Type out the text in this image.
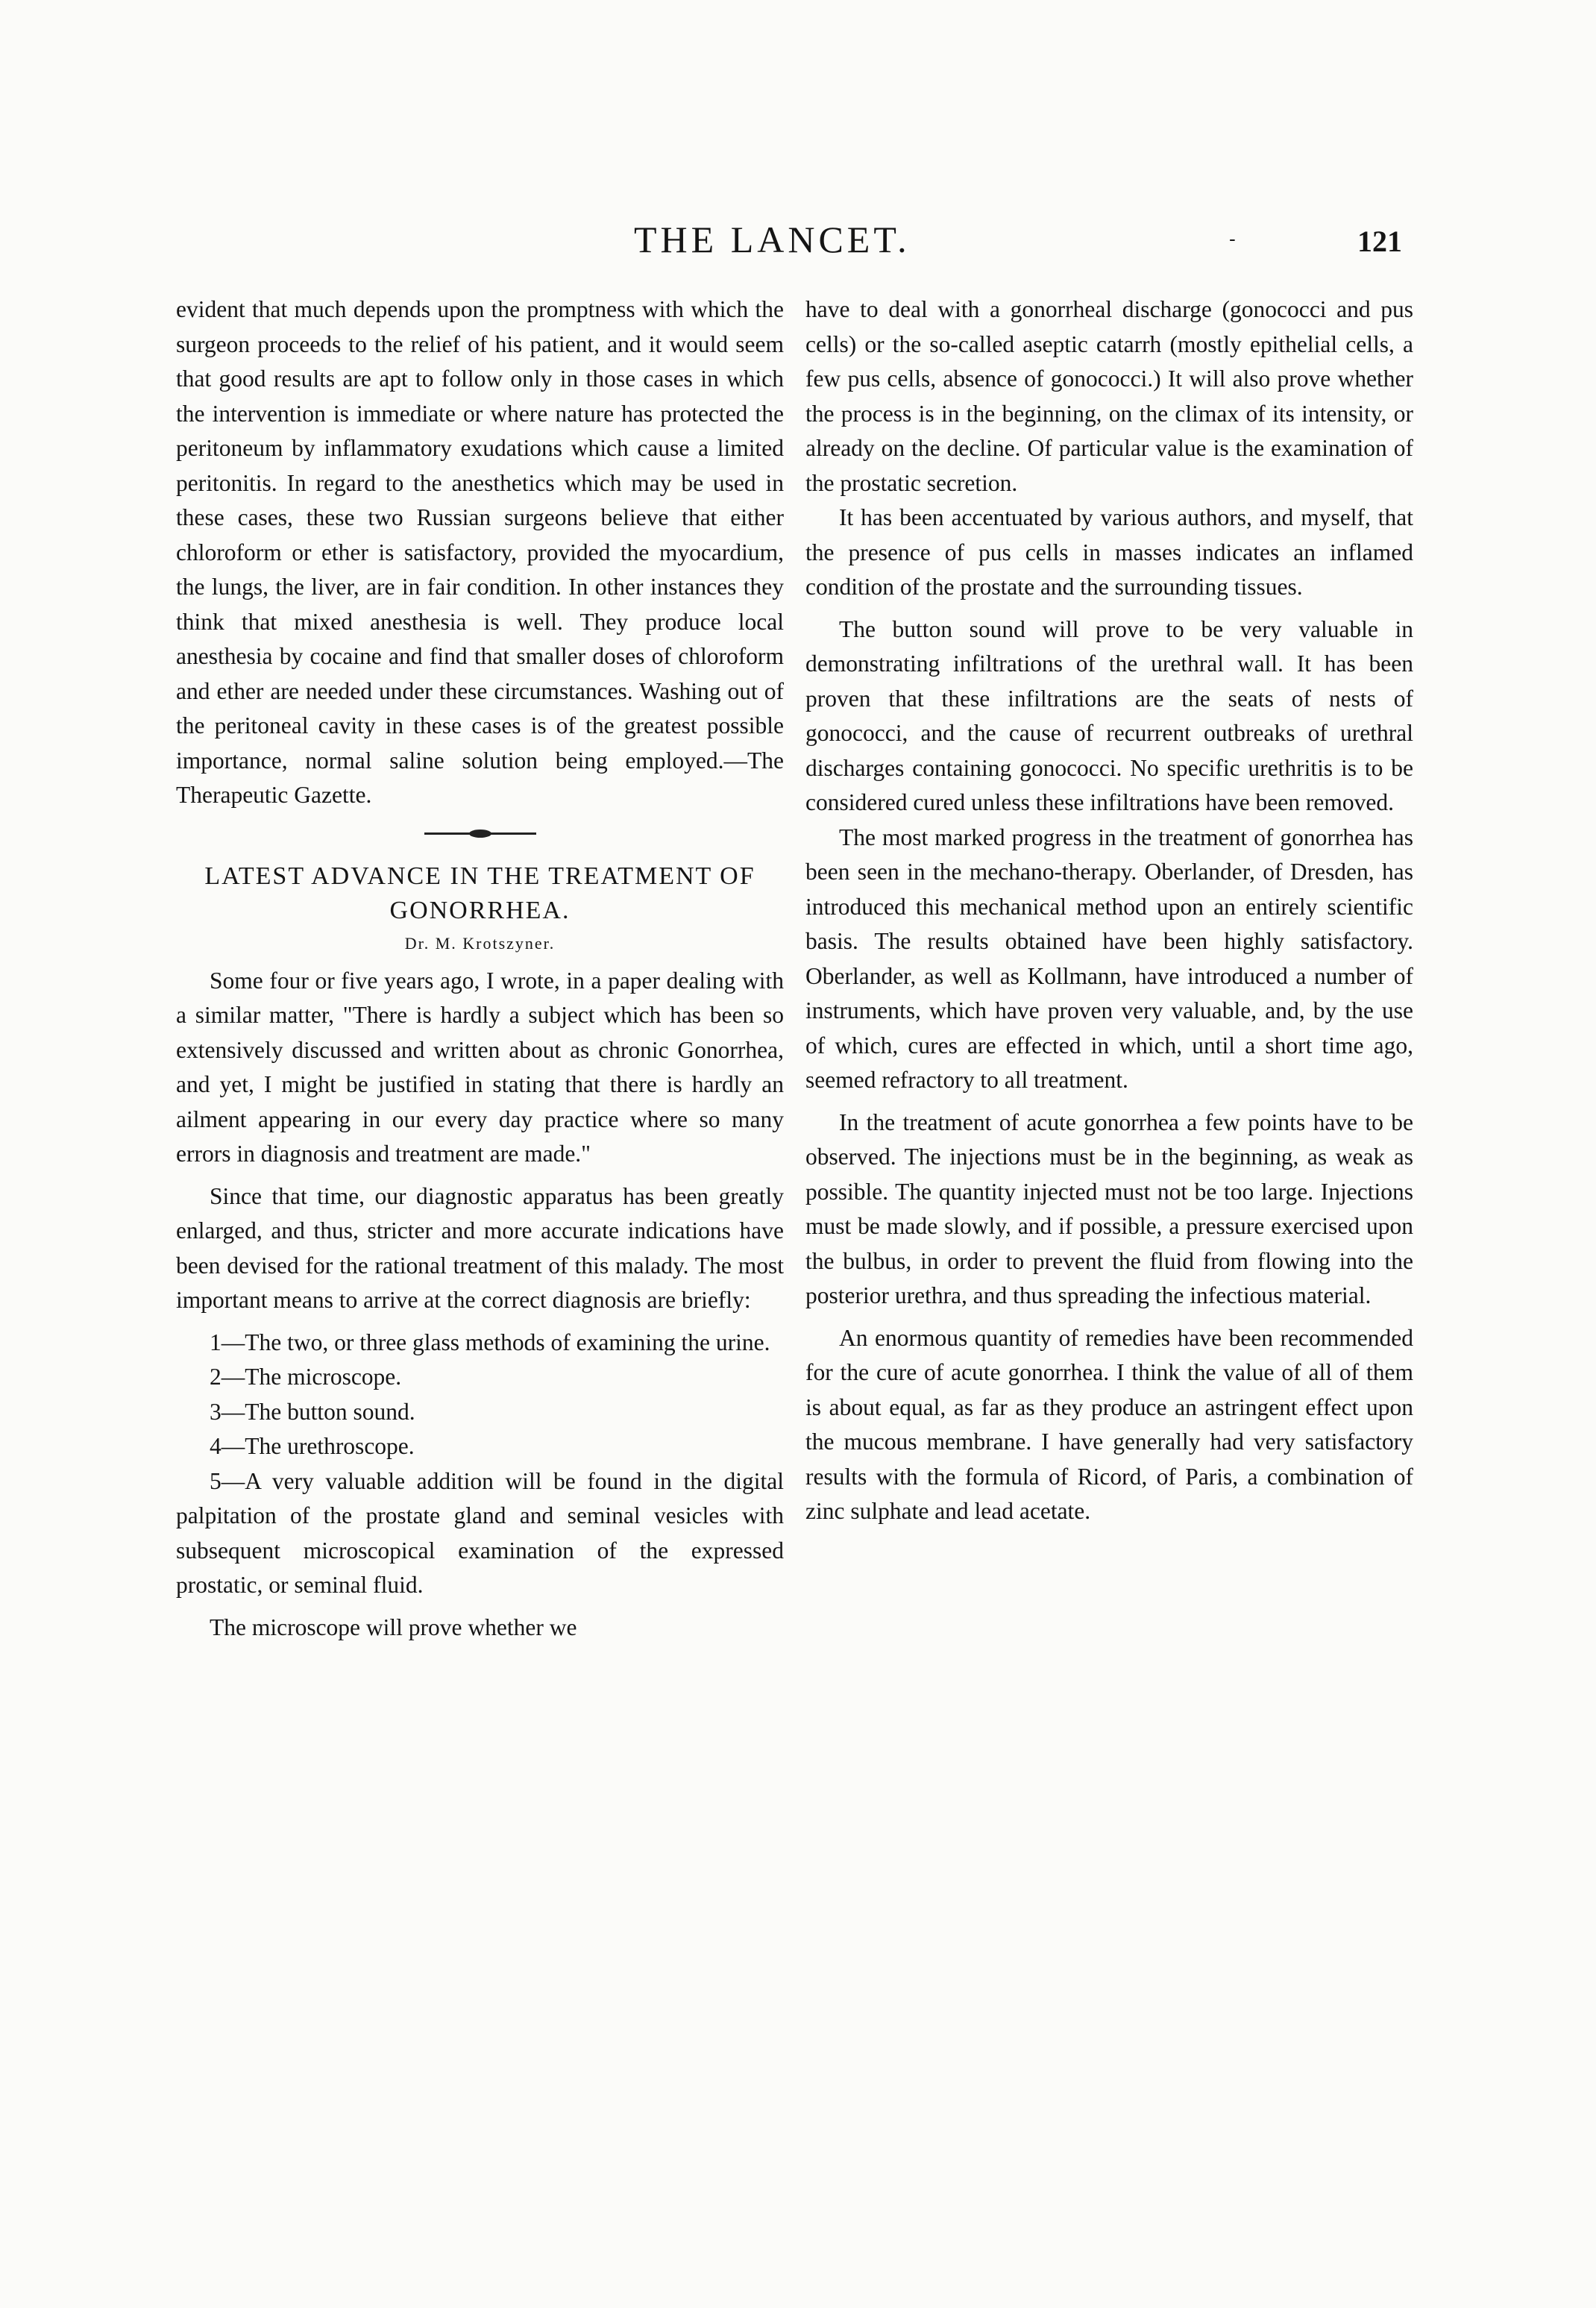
THE LANCET.	-	121

evident that much depends upon the promptness with which the surgeon proceeds to the relief of his patient, and it would seem that good results are apt to follow only in those cases in which the intervention is immediate or where nature has protected the peritoneum by inflammatory exudations which cause a limited peritonitis. In regard to the anesthetics which may be used in these cases, these two Russian surgeons believe that either chloroform or ether is satisfactory, provided the myocardium, the lungs, the liver, are in fair condition. In other instances they think that mixed anesthesia is well. They produce local anesthesia by cocaine and find that smaller doses of chloroform and ether are needed under these circumstances. Washing out of the peritoneal cavity in these cases is of the greatest possible importance, normal saline solution being employed.—The Therapeutic Gazette.

LATEST ADVANCE IN THE TREATMENT OF GONORRHEA.
Dr. M. Krotszyner.

Some four or five years ago, I wrote, in a paper dealing with a similar matter, "There is hardly a subject which has been so extensively discussed and written about as chronic Gonorrhea, and yet, I might be justified in stating that there is hardly an ailment appearing in our every day practice where so many errors in diagnosis and treatment are made."

Since that time, our diagnostic apparatus has been greatly enlarged, and thus, stricter and more accurate indications have been devised for the rational treatment of this malady. The most important means to arrive at the correct diagnosis are briefly:

1—The two, or three glass methods of examining the urine.

2—The microscope.

3—The button sound.

4—The urethroscope.

5—A very valuable addition will be found in the digital palpitation of the prostate gland and seminal vesicles with subsequent microscopical examination of the expressed prostatic, or seminal fluid.

The microscope will prove whether we

have to deal with a gonorrheal discharge (gonococci and pus cells) or the so-called aseptic catarrh (mostly epithelial cells, a few pus cells, absence of gonococci.) It will also prove whether the process is in the beginning, on the climax of its intensity, or already on the decline. Of particular value is the examination of the prostatic secretion.

It has been accentuated by various authors, and myself, that the presence of pus cells in masses indicates an inflamed condition of the prostate and the surrounding tissues.

The button sound will prove to be very valuable in demonstrating infiltrations of the urethral wall. It has been proven that these infiltrations are the seats of nests of gonococci, and the cause of recurrent outbreaks of urethral discharges containing gonococci. No specific urethritis is to be considered cured unless these infiltrations have been removed.

The most marked progress in the treatment of gonorrhea has been seen in the mechano-therapy. Oberlander, of Dresden, has introduced this mechanical method upon an entirely scientific basis. The results obtained have been highly satisfactory. Oberlander, as well as Kollmann, have introduced a number of instruments, which have proven very valuable, and, by the use of which, cures are effected in which, until a short time ago, seemed refractory to all treatment.

In the treatment of acute gonorrhea a few points have to be observed. The injections must be in the beginning, as weak as possible. The quantity injected must not be too large. Injections must be made slowly, and if possible, a pressure exercised upon the bulbus, in order to prevent the fluid from flowing into the posterior urethra, and thus spreading the infectious material.

An enormous quantity of remedies have been recommended for the cure of acute gonorrhea. I think the value of all of them is about equal, as far as they produce an astringent effect upon the mucous membrane. I have generally had very satisfactory results with the formula of Ricord, of Paris, a combination of zinc sulphate and lead acetate.
